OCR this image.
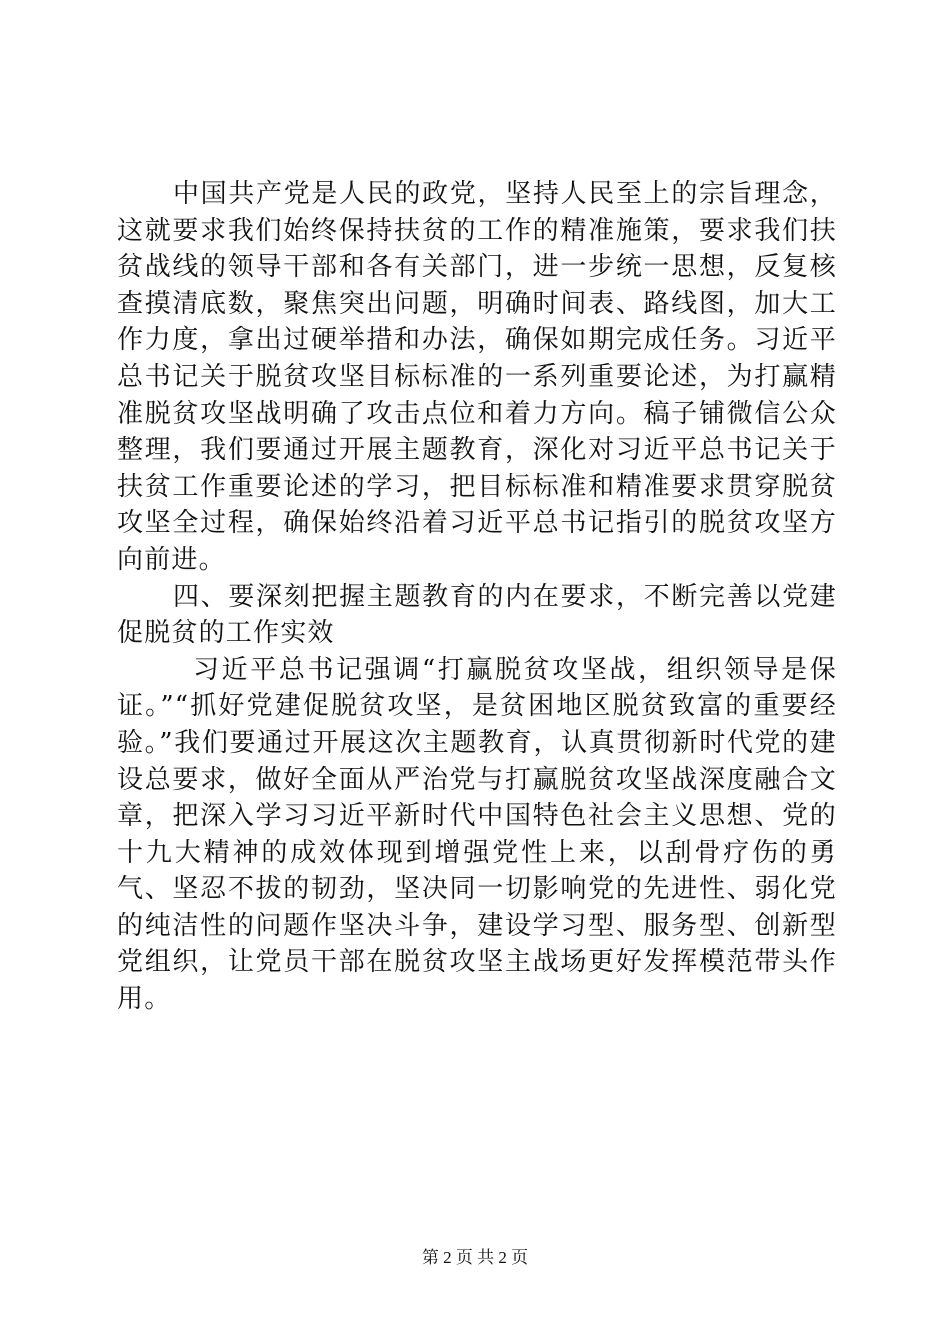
中国共产党是人民的政党，坚持人民至上的宗旨理念，这就要求我们始终保持扶贫的工作的精准施策，要求我们扶贫战线的领导干部和各有关部门，进一步统一思想，反复核查摸清底数，聚焦突出问题，明确时间表、路线图，加大工作力度，拿出过硬举措和办法，确保如期完成任务。习近平总书记关于脱贫攻坚目标标准的一系列重要论述，为打赢精准脱贫攻坚战明确了攻击点位和着力方向。稿子铺微信公众整理，我们要通过开展主题教育，深化对习近平总书记关于扶贫工作重要论述的学习，把目标标准和精准要求贯穿脱贫攻坚全过程，确保始终沿着习近平总书记指引的脱贫攻坚方向前进。

四、要深刻把握主题教育的内在要求，不断完善以党建促脱贫的工作实效

习近平总书记强调“打赢脱贫攻坚战，组织领导是保证。”“抓好党建促脱贫攻坚，是贫困地区脱贫致富的重要经验。”我们要通过开展这次主题教育，认真贯彻新时代党的建设总要求，做好全面从严治党与打赢脱贫攻坚战深度融合文章，把深入学习习近平新时代中国特色社会主义思想、党的十九大精神的成效体现到增强党性上来，以刮骨疗伤的勇气、坚忍不拔的韧劲，坚决同一切影响党的先进性、弱化党的纯洁性的问题作坚决斗争，建设学习型、服务型、创新型党组织，让党员干部在脱贫攻坚主战场更好发挥模范带头作用。

第 2 页 共 2 页
